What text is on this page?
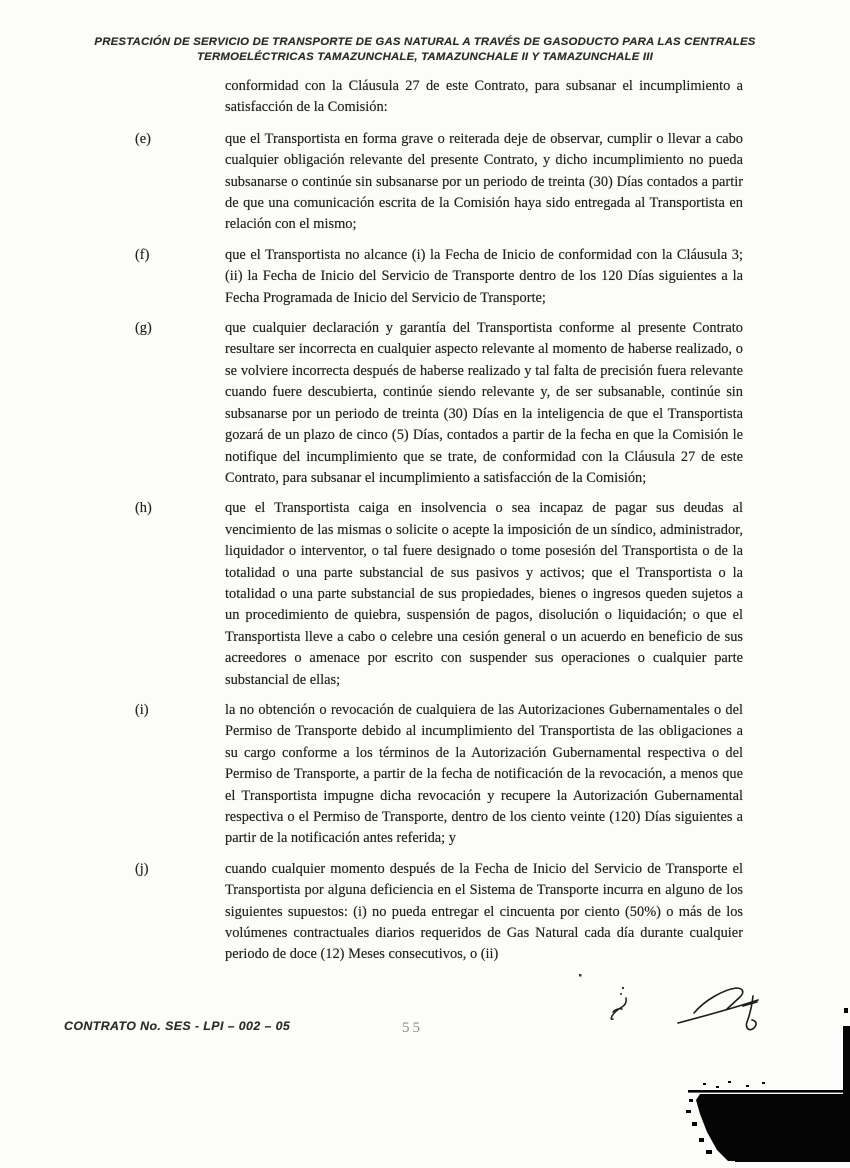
PRESTACIÓN DE SERVICIO DE TRANSPORTE DE GAS NATURAL A TRAVÉS DE GASODUCTO PARA LAS CENTRALES
TERMOELÉCTRICAS TAMAZUNCHALE, TAMAZUNCHALE II Y TAMAZUNCHALE III

conformidad con la Cláusula 27 de este Contrato, para subsanar el incumplimiento a satisfacción de la Comisión:

(e)	que el Transportista en forma grave o reiterada deje de observar, cumplir o llevar a cabo cualquier obligación relevante del presente Contrato, y dicho incumplimiento no pueda subsanarse o continúe sin subsanarse por un periodo de treinta (30) Días contados a partir de que una comunicación escrita de la Comisión haya sido entregada al Transportista en relación con el mismo;
(f)	que el Transportista no alcance (i) la Fecha de Inicio de conformidad con la Cláusula 3; (ii) la Fecha de Inicio del Servicio de Transporte dentro de los 120 Días siguientes a la Fecha Programada de Inicio del Servicio de Transporte;
(g)	que cualquier declaración y garantía del Transportista conforme al presente Contrato resultare ser incorrecta en cualquier aspecto relevante al momento de haberse realizado, o se volviere incorrecta después de haberse realizado y tal falta de precisión fuera relevante cuando fuere descubierta, continúe siendo relevante y, de ser subsanable, continúe sin subsanarse por un periodo de treinta (30) Días en la inteligencia de que el Transportista gozará de un plazo de cinco (5) Días, contados a partir de la fecha en que la Comisión le notifique del incumplimiento que se trate, de conformidad con la Cláusula 27 de este Contrato, para subsanar el incumplimiento a satisfacción de la Comisión;
(h)	que el Transportista caiga en insolvencia o sea incapaz de pagar sus deudas al vencimiento de las mismas o solicite o acepte la imposición de un síndico, administrador, liquidador o interventor, o tal fuere designado o tome posesión del Transportista o de la totalidad o una parte substancial de sus pasivos y activos; que el Transportista o la totalidad o una parte substancial de sus propiedades, bienes o ingresos queden sujetos a un procedimiento de quiebra, suspensión de pagos, disolución o liquidación; o que el Transportista lleve a cabo o celebre una cesión general o un acuerdo en beneficio de sus acreedores o amenace por escrito con suspender sus operaciones o cualquier parte substancial de ellas;
(i)	la no obtención o revocación de cualquiera de las Autorizaciones Gubernamentales o del Permiso de Transporte debido al incumplimiento del Transportista de las obligaciones a su cargo conforme a los términos de la Autorización Gubernamental respectiva o del Permiso de Transporte, a partir de la fecha de notificación de la revocación, a menos que el Transportista impugne dicha revocación y recupere la Autorización Gubernamental respectiva o el Permiso de Transporte, dentro de los ciento veinte (120) Días siguientes a partir de la notificación antes referida; y
(j)	cuando cualquier momento después de la Fecha de Inicio del Servicio de Transporte el Transportista por alguna deficiencia en el Sistema de Transporte incurra en alguno de los siguientes supuestos: (i) no pueda entregar el cincuenta por ciento (50%) o más de los volúmenes contractuales diarios requeridos de Gas Natural cada día durante cualquier periodo de doce (12) Meses consecutivos, o (ii)
CONTRATO No. SES - LPI – 002 – 05	55
